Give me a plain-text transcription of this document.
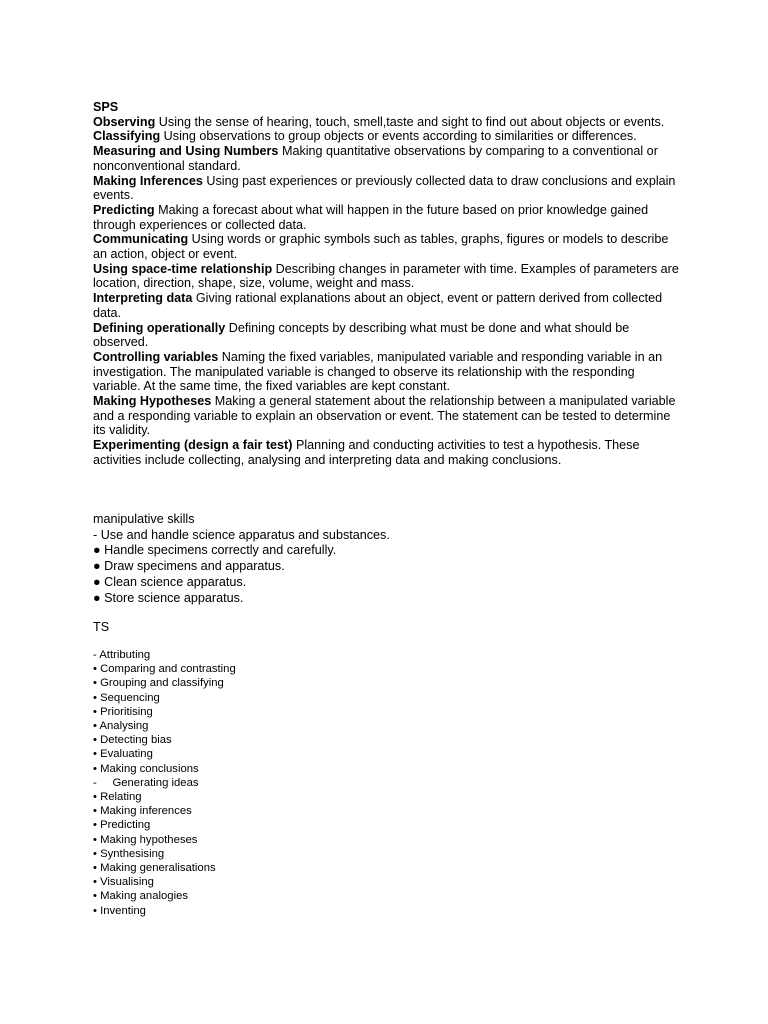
SPS

Observing Using the sense of hearing, touch, smell,taste and sight to find out about objects or events.

Classifying Using observations to group objects or events according to similarities or differences.

Measuring and Using Numbers Making quantitative observations by comparing to a conventional or nonconventional standard.

Making Inferences Using past experiences or previously collected data to draw conclusions and explain events.

Predicting Making a forecast about what will happen in the future based on prior knowledge gained through experiences or collected data.

Communicating Using words or graphic symbols such as tables, graphs, figures or models to describe an action, object or event.

Using space-time relationship Describing changes in parameter with time. Examples of parameters are location, direction, shape, size, volume, weight and mass.

Interpreting data Giving rational explanations about an object, event or pattern derived from collected data.

Defining operationally Defining concepts by describing what must be done and what should be observed.

Controlling variables Naming the fixed variables, manipulated variable and responding variable in an investigation. The manipulated variable is changed to observe its relationship with the responding variable. At the same time, the fixed variables are kept constant.

Making Hypotheses Making a general statement about the relationship between a manipulated variable and a responding variable to explain an observation or event. The statement can be tested to determine its validity.

Experimenting (design a fair test) Planning and conducting activities to test a hypothesis. These activities include collecting, analysing and interpreting data and making conclusions.

manipulative skills
- Use and handle science apparatus and substances.
● Handle specimens correctly and carefully.
● Draw specimens and apparatus.
● Clean science apparatus.
● Store science apparatus.
TS
- Attributing
• Comparing and contrasting
• Grouping and classifying
• Sequencing
• Prioritising
• Analysing
• Detecting bias
• Evaluating
• Making conclusions
-     Generating ideas
• Relating
• Making inferences
• Predicting
• Making hypotheses
• Synthesising
• Making generalisations
• Visualising
• Making analogies
• Inventing
